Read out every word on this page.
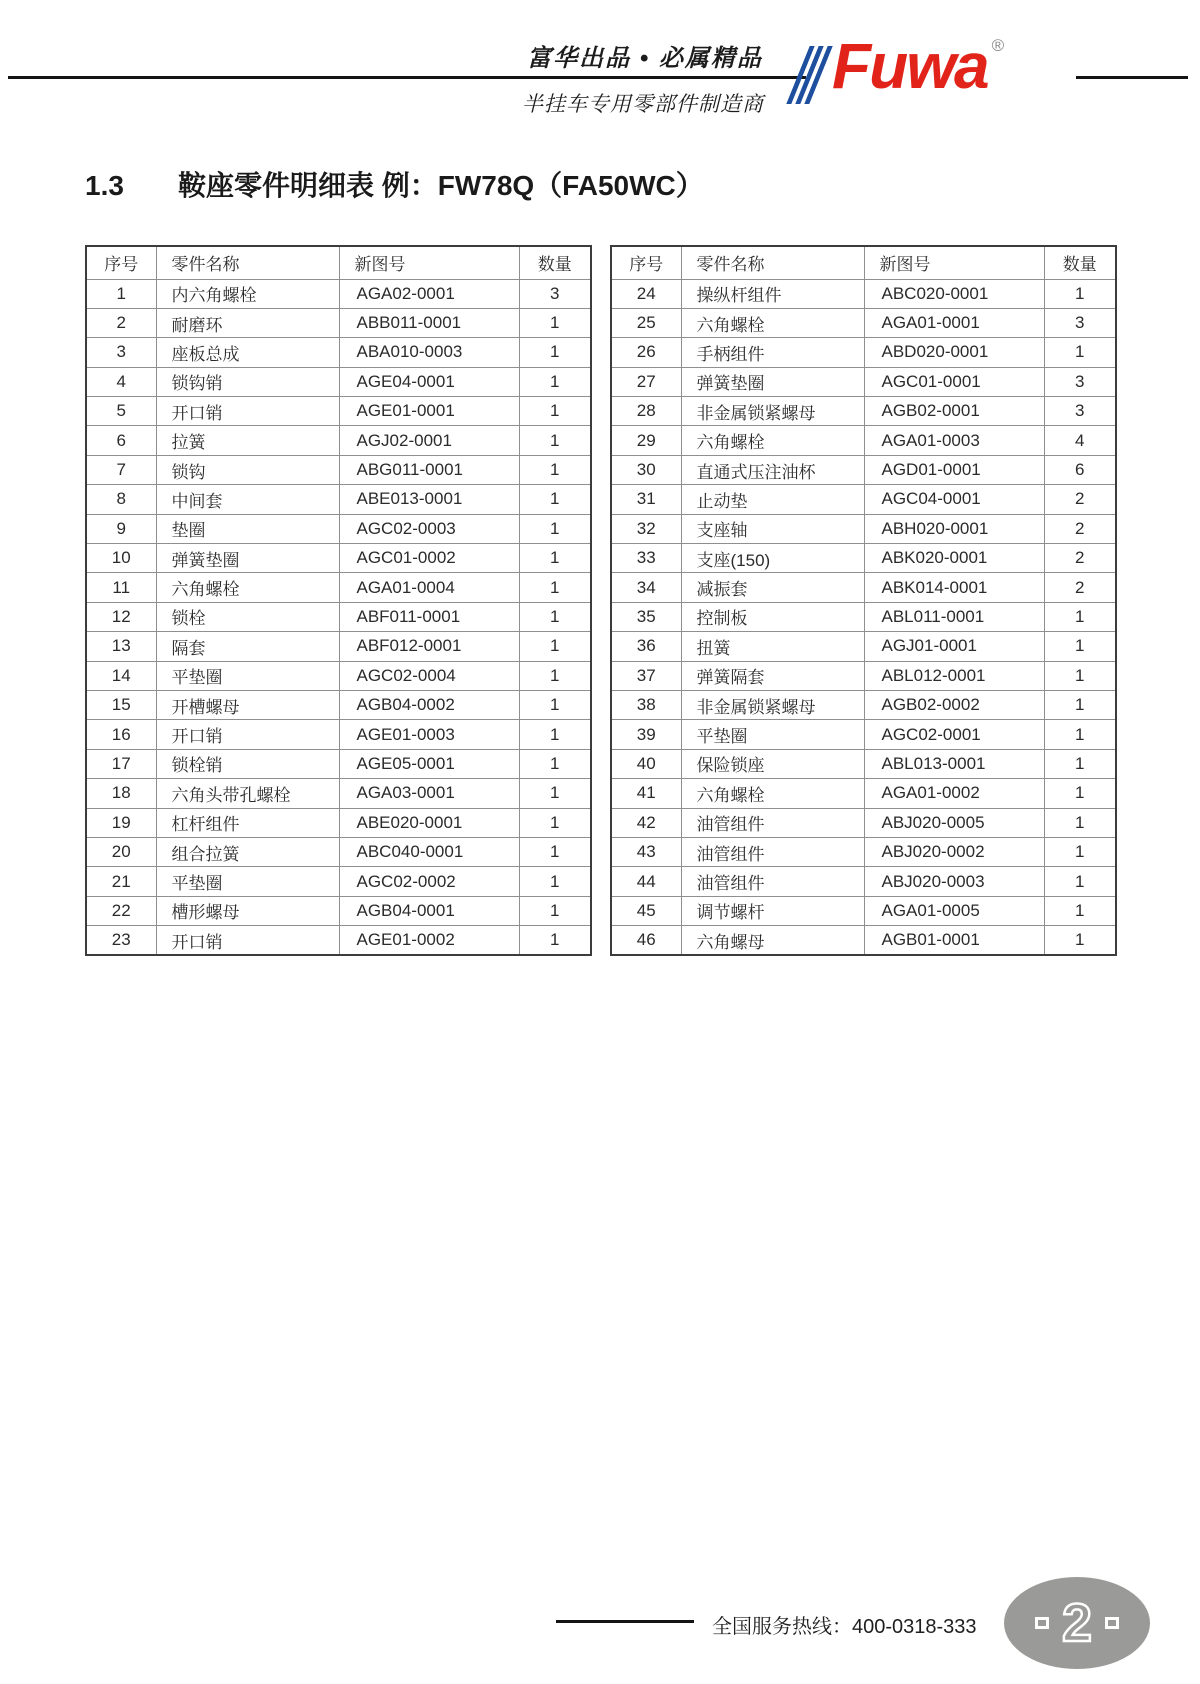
富华出品 • 必属精品
半挂车专用零部件制造商
Fuwa ®
1.3 鞍座零件明细表 例：FW78Q（FA50WC）
序号	零件名称	新图号	数量
1	内六角螺栓	AGA02-0001	3
2	耐磨环	ABB011-0001	1
3	座板总成	ABA010-0003	1
4	锁钩销	AGE04-0001	1
5	开口销	AGE01-0001	1
6	拉簧	AGJ02-0001	1
7	锁钩	ABG011-0001	1
8	中间套	ABE013-0001	1
9	垫圈	AGC02-0003	1
10	弹簧垫圈	AGC01-0002	1
11	六角螺栓	AGA01-0004	1
12	锁栓	ABF011-0001	1
13	隔套	ABF012-0001	1
14	平垫圈	AGC02-0004	1
15	开槽螺母	AGB04-0002	1
16	开口销	AGE01-0003	1
17	锁栓销	AGE05-0001	1
18	六角头带孔螺栓	AGA03-0001	1
19	杠杆组件	ABE020-0001	1
20	组合拉簧	ABC040-0001	1
21	平垫圈	AGC02-0002	1
22	槽形螺母	AGB04-0001	1
23	开口销	AGE01-0002	1
序号	零件名称	新图号	数量
24	操纵杆组件	ABC020-0001	1
25	六角螺栓	AGA01-0001	3
26	手柄组件	ABD020-0001	1
27	弹簧垫圈	AGC01-0001	3
28	非金属锁紧螺母	AGB02-0001	3
29	六角螺栓	AGA01-0003	4
30	直通式压注油杯	AGD01-0001	6
31	止动垫	AGC04-0001	2
32	支座轴	ABH020-0001	2
33	支座(150)	ABK020-0001	2
34	减振套	ABK014-0001	2
35	控制板	ABL011-0001	1
36	扭簧	AGJ01-0001	1
37	弹簧隔套	ABL012-0001	1
38	非金属锁紧螺母	AGB02-0002	1
39	平垫圈	AGC02-0001	1
40	保险锁座	ABL013-0001	1
41	六角螺栓	AGA01-0002	1
42	油管组件	ABJ020-0005	1
43	油管组件	ABJ020-0002	1
44	油管组件	ABJ020-0003	1
45	调节螺杆	AGA01-0005	1
46	六角螺母	AGB01-0001	1
全国服务热线：400-0318-333 2
